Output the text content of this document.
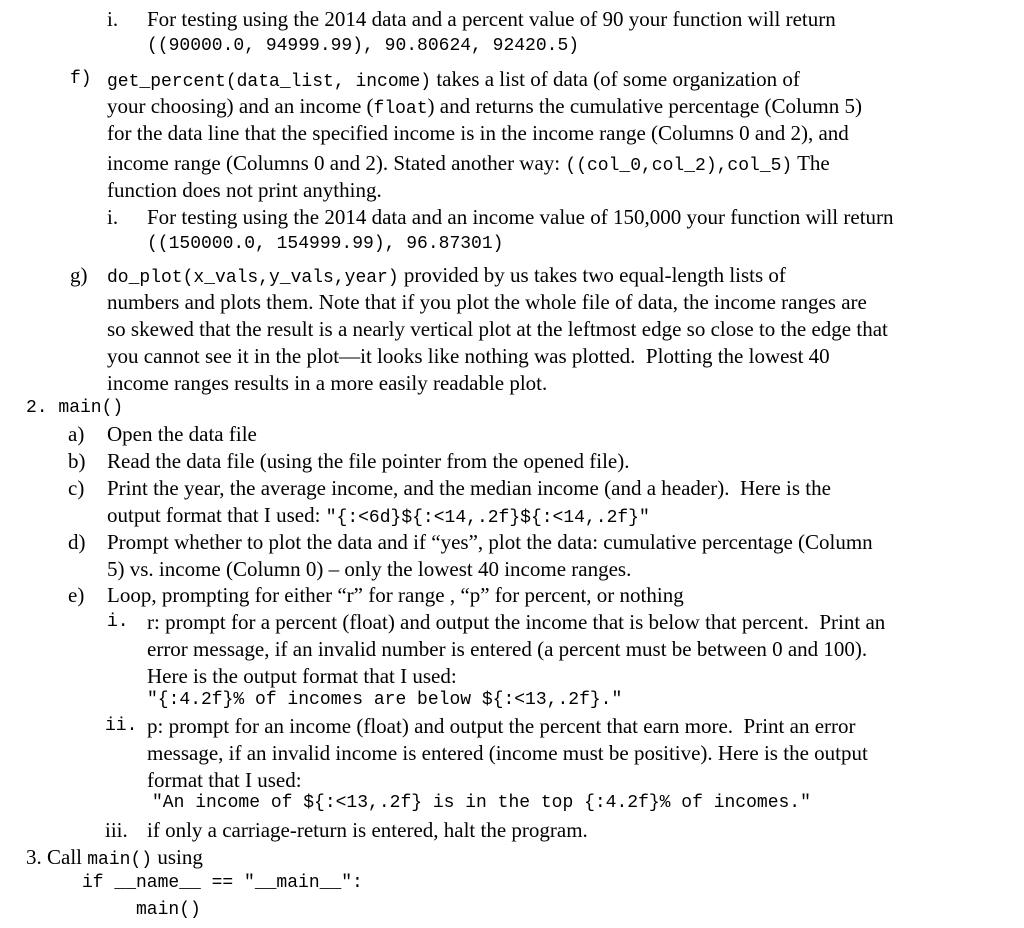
i. For testing using the 2014 data and a percent value of 90 your function will return
((90000.0, 94999.99), 90.80624, 92420.5)
f) get_percent(data_list, income) takes a list of data (of some organization of
your choosing) and an income (float) and returns the cumulative percentage (Column 5)
for the data line that the specified income is in the income range (Columns 0 and 2), and
income range (Columns 0 and 2). Stated another way: ((col_0,col_2),col_5) The
function does not print anything.
i. For testing using the 2014 data and an income value of 150,000 your function will return
((150000.0, 154999.99), 96.87301)
g) do_plot(x_vals,y_vals,year) provided by us takes two equal-length lists of
numbers and plots them. Note that if you plot the whole file of data, the income ranges are
so skewed that the result is a nearly vertical plot at the leftmost edge so close to the edge that
you cannot see it in the plot—it looks like nothing was plotted.  Plotting the lowest 40
income ranges results in a more easily readable plot.
2. main()
a) Open the data file
b) Read the data file (using the file pointer from the opened file).
c) Print the year, the average income, and the median income (and a header).  Here is the
output format that I used: "{:<6d}${:<14,.2f}${:<14,.2f}"
d) Prompt whether to plot the data and if “yes”, plot the data: cumulative percentage (Column
5) vs. income (Column 0) – only the lowest 40 income ranges.
e) Loop, prompting for either “r” for range , “p” for percent, or nothing
i. r: prompt for a percent (float) and output the income that is below that percent.  Print an
error message, if an invalid number is entered (a percent must be between 0 and 100).
Here is the output format that I used:
"{:4.2f}% of incomes are below ${:<13,.2f}."
ii. p: prompt for an income (float) and output the percent that earn more.  Print an error
message, if an invalid income is entered (income must be positive). Here is the output
format that I used:
"An income of ${:<13,.2f} is in the top {:4.2f}% of incomes."
iii. if only a carriage-return is entered, halt the program.
3. Call main() using
if __name__ == "__main__":
main()
